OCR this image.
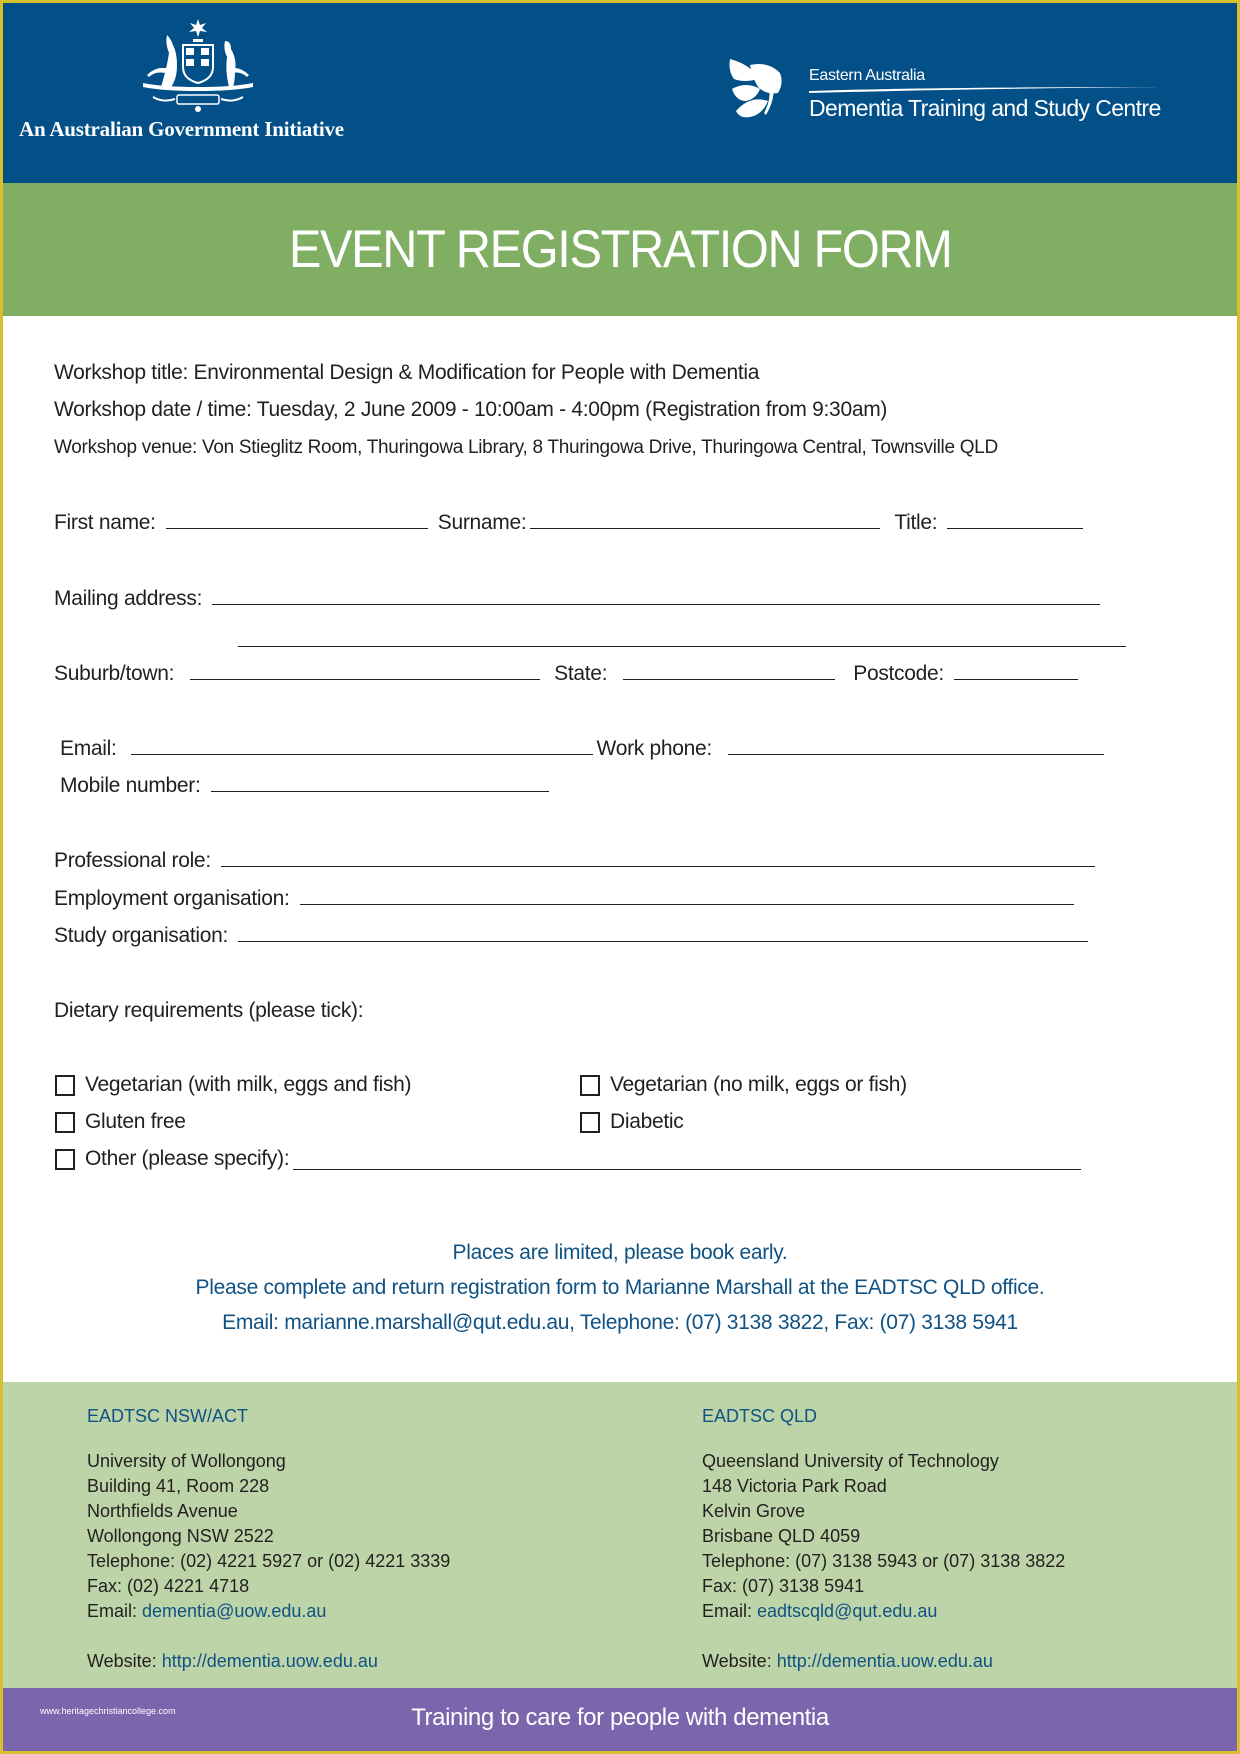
An Australian Government Initiative
Eastern Australia
Dementia Training and Study Centre
EVENT REGISTRATION FORM
Workshop title: Environmental Design & Modification for People with Dementia
Workshop date / time: Tuesday, 2 June 2009 - 10:00am - 4:00pm (Registration from 9:30am)
Workshop venue: Von Stieglitz Room, Thuringowa Library, 8 Thuringowa Drive, Thuringowa Central, Townsville QLD
First name:	Surname:	Title:
Mailing address:
Suburb/town:	State:	Postcode:
Email:	Work phone:
Mobile number:
Professional role:
Employment organisation:
Study organisation:
Dietary requirements (please tick):
Vegetarian (with milk, eggs and fish)	Vegetarian (no milk, eggs or fish)
Gluten free	Diabetic
Other (please specify):
Places are limited, please book early.
Please complete and return registration form to Marianne Marshall at the EADTSC QLD office.
Email: marianne.marshall@qut.edu.au, Telephone: (07) 3138 3822, Fax: (07) 3138 5941
EADTSC NSW/ACT
University of Wollongong
Building 41, Room 228
Northfields Avenue
Wollongong NSW 2522
Telephone: (02) 4221 5927 or (02) 4221 3339
Fax: (02) 4221 4718
Email: dementia@uow.edu.au
Website: http://dementia.uow.edu.au
EADTSC QLD
Queensland University of Technology
148 Victoria Park Road
Kelvin Grove
Brisbane QLD 4059
Telephone: (07) 3138 5943 or (07) 3138 3822
Fax: (07) 3138 5941
Email: eadtscqld@qut.edu.au
Website: http://dementia.uow.edu.au
www.heritagechristiancollege.com	Training to care for people with dementia
